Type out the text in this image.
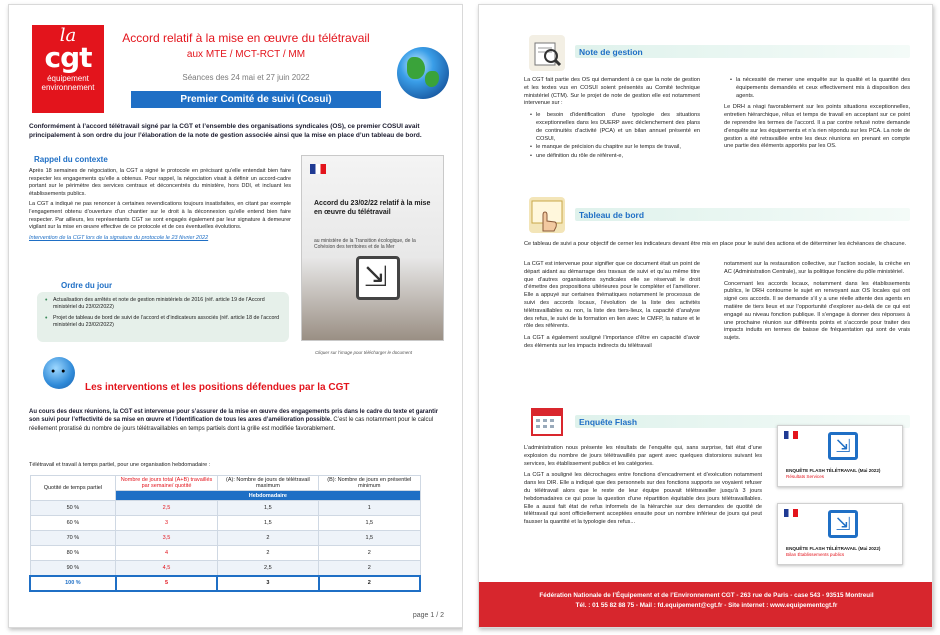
la
cgt
équipement
environnement
Accord relatif à la mise en œuvre du télétravail
aux MTE / MCT-RCT / MM
Séances des 24 mai et 27 juin 2022
Premier Comité de suivi (Cosui)
Conformément à l’accord télétravail signé par la CGT et l’ensemble des organisations syndicales (OS), ce premier COSUI avait principalement à son ordre du jour l’élaboration de la note de gestion associée ainsi que la mise en place d’un tableau de bord.
Rappel du contexte

Après 18 semaines de négociation, la CGT a signé le protocole en précisant qu’elle entendait bien faire respecter les engagements qu’elle a obtenus. Pour rappel, la négociation visait à définir un accord-cadre portant sur le périmètre des services centraux et déconcentrés du ministère, hors DDI, et incluant les établissements publics.

La CGT a indiqué ne pas renoncer à certaines revendications toujours insatisfaites, en citant par exemple l’engagement obtenu d’ouverture d’un chantier sur le droit à la déconnexion qu’elle entend bien faire respecter. Par ailleurs, les représentants CGT se sont engagés également par leur signature à demeurer vigilant sur la mise en œuvre effective de ce protocole et de ces éventuelles évolutions.

Intervention de la CGT lors de la signature du protocole le 23 février 2022
Accord du 23/02/22 relatif à la mise en œuvre du télétravail
au ministère de la Transition écologique, de la Cohésion des territoires et de la Mer
⇲
Cliquer sur l’image pour télécharger le document
Ordre du jour
• Actualisation des arrêtés et note de gestion ministériels de 2016 (réf. article 19 de l’Accord ministériel du 23/02/2022)
• Projet de tableau de bord de suivi de l’accord et d’indicateurs associés (réf. article 18 de l’accord ministériel du 23/02/2022)
● ●
Les interventions et les positions défendues par la CGT
Au cours des deux réunions, la CGT est intervenue pour s’assurer de la mise en œuvre des engagements pris dans le cadre du texte et garantir son suivi pour l’effectivité de sa mise en œuvre et l’identification de tous les axes d’amélioration possible. C’est le cas notamment pour le calcul réellement proratisé du nombre de jours télétravaillables en temps partiels dont la grille est modifiée favorablement.
Télétravail et travail à temps partiel, pour une organisation hebdomadaire :
Quotité de temps partiel	Nombre de jours total (A+B) travaillés par semaine/ quotité	(A): Nombre de jours de télétravail maximum	(B): Nombre de jours en présentiel minimum
	Hebdomadaire		
50 %	2,5	1,5	1
60 %	3	1,5	1,5
70 %	3,5	2	1,5
80 %	4	2	2
90 %	4,5	2,5	2
100 %	5	3	2
page 1 / 2
Note de gestion

La CGT fait partie des OS qui demandent à ce que la note de gestion et les textes vus en COSUI soient présentés au Comité technique ministériel (CTM). Sur le projet de note de gestion elle est notamment intervenue sur :

• le besoin d’identification d’une typologie des situations exceptionnelles dans les DUERP avec déclenchement des plans de continuités d’activité (PCA) et un bilan annuel présenté en COSUI,
• le manque de précision du chapitre sur le temps de travail,
• une définition du rôle de référent-e,
• la nécessité de mener une enquête sur la qualité et la quantité des équipements demandés et ceux effectivement mis à disposition des agents.

Le DRH a réagi favorablement sur les points situations exceptionnelles, entretien hiérarchique, rélus et temps de travail en acceptant sur ce point de reprendre les termes de l’accord. Il a par contre refusé notre demande d’enquête sur les équipements et n’a rien répondu sur les PCA. La note de gestion a été retravaillée entre les deux réunions en prenant en compte une partie des éléments apportés par les OS.

Tableau de bord
Ce tableau de suivi a pour objectif de cerner les indicateurs devant être mis en place pour le suivi des actions et de déterminer les échéances de chacune.

La CGT est intervenue pour signifier que ce document était un point de départ aidant au démarrage des travaux de suivi et qu’au même titre que d’autres organisations syndicales elle se réservait le droit d’émettre des propositions ultérieures pour le compléter et l’améliorer. Elle a appuyé sur certaines thématiques notamment le processus de suivi des accords locaux, l’évolution de la liste des activités télétravaillables ou non, la liste des tiers-lieux, la capacité d’analyse des refus, le suivi de la formation en lien avec le CMFP, la nature et le rôle des référents.

La CGT a également souligné l’importance d’être en capacité d’avoir des éléments sur les impacts indirects du télétravail

notamment sur la restauration collective, sur l’action sociale, la crèche en AC (Administration Centrale), sur la politique foncière du pôle ministériel.

Concernant les accords locaux, notamment dans les établissements publics, le DRH contourne le sujet en renvoyant aux OS locales qui ont signé ces accords. Il se demande s’il y a une réelle attente des agents en matière de tiers lieux et sur l’opportunité d’explorer au-delà de ce qui est engagé au niveau fonction publique. Il s’engage à donner des réponses à une prochaine réunion sur différents points et s’accorde pour traiter des impacts induits en termes de baisse de fréquentation qui sont de vrais sujets.

Enquête Flash

L’administration nous présente les résultats de l’enquête qui, sans surprise, fait état d’une explosion du nombre de jours télétravaillés par agent avec quelques distorsions suivant les services, les établissement publics et les catégories.

La CGT a souligné les décrochages entre fonctions d’encadrement et d’exécution notamment dans les DIR. Elle a indiqué que des personnels sur des fonctions supports se voyaient refuser du télétravail alors que le reste de leur équipe pouvait télétravailler jusqu’à 3 jours hebdomadaires ce qui pose la question d’une répartition équitable des jours télétravaillables. Elle a aussi fait état de refus informels de la hiérarchie sur des demandes de quotité de télétravail qui sont officiellement acceptées ensuite pour un nombre inférieur de jours qui peut fausser la quantité et la typologie des refus...

⇲
ENQUÊTE FLASH TÉLÉTRAVAIL (Mai 2022)
Résultats Services
⇲
ENQUÊTE FLASH TÉLÉTRAVAIL (Mai 2022)
Bilan Établissements publics
Fédération Nationale de l’Équipement et de l’Environnement CGT - 263 rue de Paris - case 543 - 93515 Montreuil
Tél. : 01 55 82 88 75 - Mail : fd.equipement@cgt.fr - Site internet : www.equipementcgt.fr
